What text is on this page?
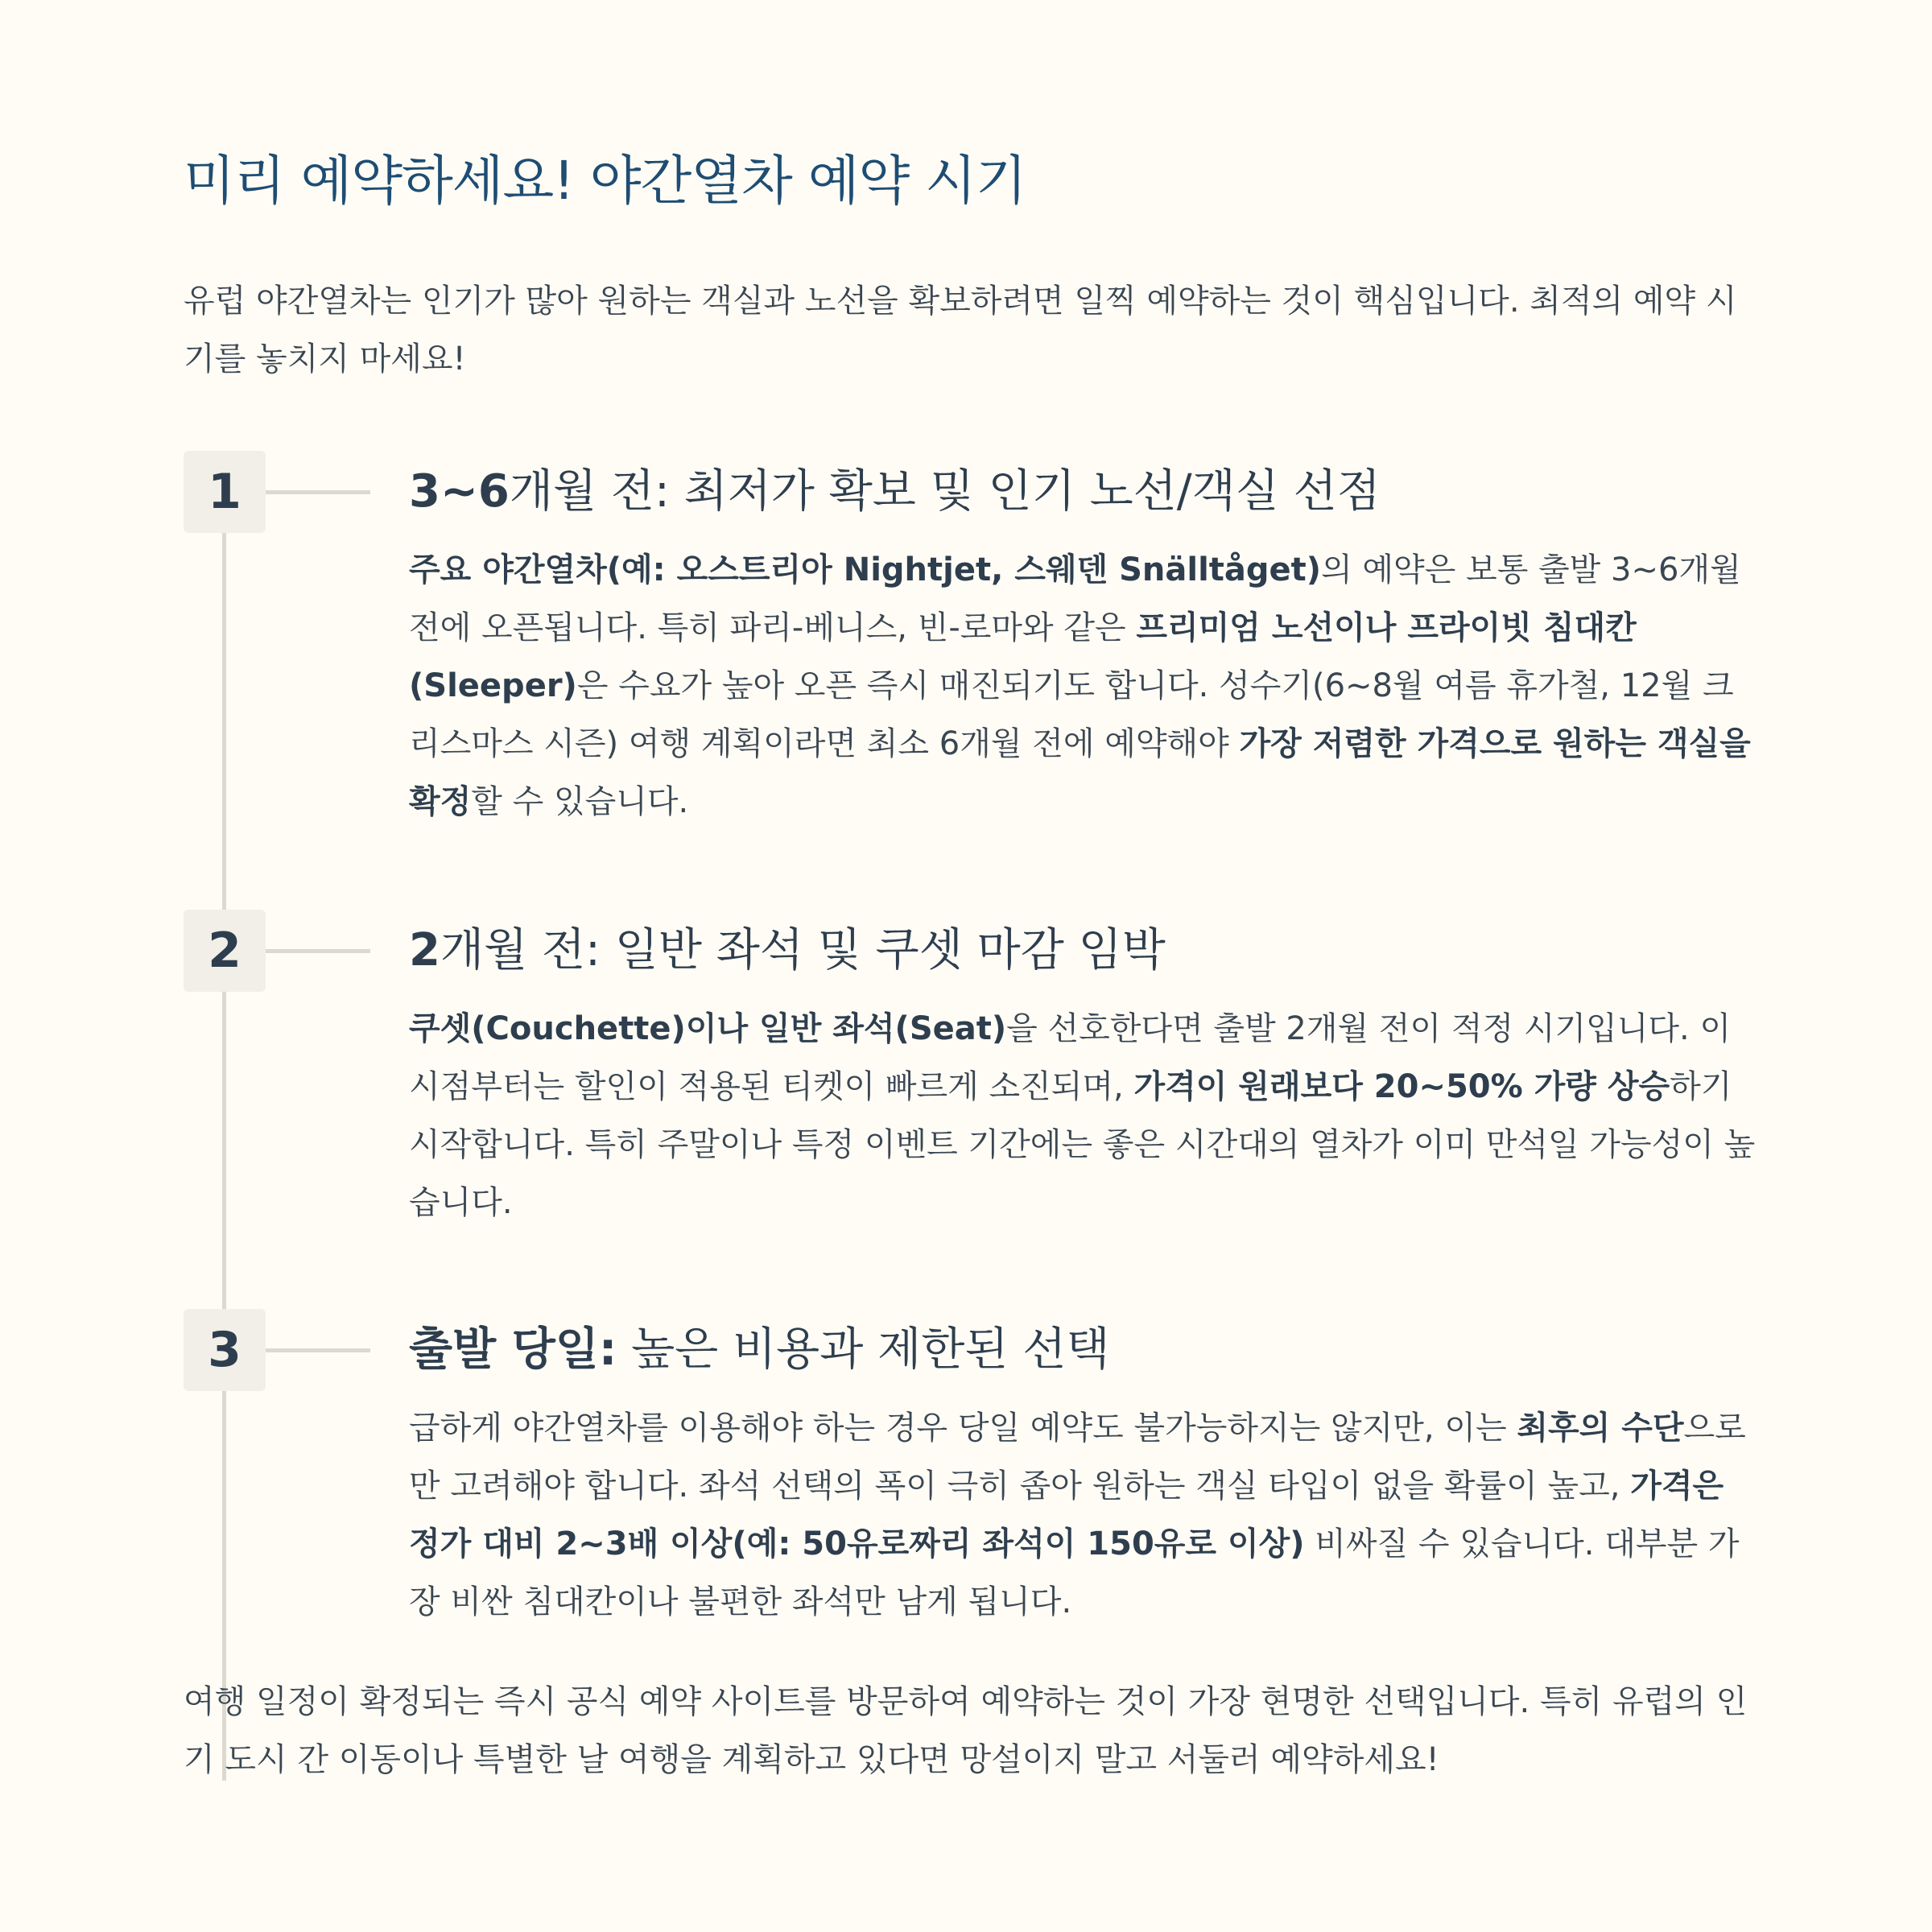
미리 예약하세요! 야간열차 예약 시기

유럽 야간열차는 인기가 많아 원하는 객실과 노선을 확보하려면 일찍 예약하는 것이 핵심입니다. 최적의 예약 시기를 놓치지 마세요!

1	3~6개월 전: 최저가 확보 및 인기 노선/객실 선점

주요 야간열차(예: 오스트리아 Nightjet, 스웨덴 Snälltåget)의 예약은 보통 출발 3~6개월 전에 오픈됩니다. 특히 파리-베니스, 빈-로마와 같은 프리미엄 노선이나 프라이빗 침대칸(Sleeper)은 수요가 높아 오픈 즉시 매진되기도 합니다. 성수기(6~8월 여름 휴가철, 12월 크리스마스 시즌) 여행 계획이라면 최소 6개월 전에 예약해야 가장 저렴한 가격으로 원하는 객실을 확정할 수 있습니다.

2	2개월 전: 일반 좌석 및 쿠셋 마감 임박

쿠셋(Couchette)이나 일반 좌석(Seat)을 선호한다면 출발 2개월 전이 적정 시기입니다. 이 시점부터는 할인이 적용된 티켓이 빠르게 소진되며, 가격이 원래보다 20~50% 가량 상승하기 시작합니다. 특히 주말이나 특정 이벤트 기간에는 좋은 시간대의 열차가 이미 만석일 가능성이 높습니다.

3	출발 당일: 높은 비용과 제한된 선택

급하게 야간열차를 이용해야 하는 경우 당일 예약도 불가능하지는 않지만, 이는 최후의 수단으로만 고려해야 합니다. 좌석 선택의 폭이 극히 좁아 원하는 객실 타입이 없을 확률이 높고, 가격은 정가 대비 2~3배 이상(예: 50유로짜리 좌석이 150유로 이상) 비싸질 수 있습니다. 대부분 가장 비싼 침대칸이나 불편한 좌석만 남게 됩니다.

여행 일정이 확정되는 즉시 공식 예약 사이트를 방문하여 예약하는 것이 가장 현명한 선택입니다. 특히 유럽의 인기 도시 간 이동이나 특별한 날 여행을 계획하고 있다면 망설이지 말고 서둘러 예약하세요!
